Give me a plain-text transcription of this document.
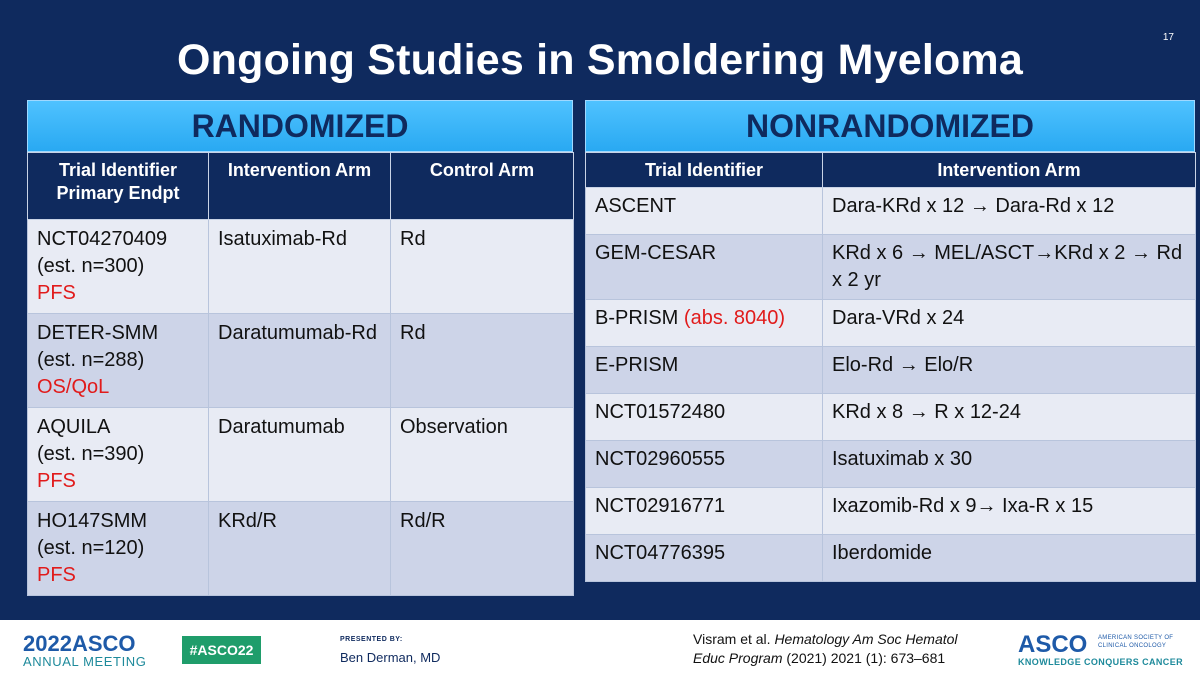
17
Ongoing Studies in Smoldering Myeloma
RANDOMIZED
Trial Identifier Primary Endpt	Intervention Arm	Control Arm

NCT04270409
(est. n=300)
PFS	Isatuximab-Rd	Rd

DETER-SMM
(est. n=288)
OS/QoL	Daratumumab-Rd	Rd

AQUILA
(est. n=390)
PFS	Daratumumab	Observation

HO147SMM
(est. n=120)
PFS	KRd/R	Rd/R
NONRANDOMIZED
Trial Identifier	Intervention Arm
ASCENT	Dara-KRd x 12 → Dara-Rd x 12
GEM-CESAR	KRd x 6 → MEL/ASCT→KRd x 2 → Rd x 2 yr
B-PRISM (abs. 8040)	Dara-VRd x 24
E-PRISM	Elo-Rd → Elo/R
NCT01572480	KRd x 8 → R x 12-24
NCT02960555	Isatuximab x 30
NCT02916771	Ixazomib-Rd x 9→ Ixa-R x 15
NCT04776395	Iberdomide
2022ASCO
ANNUAL MEETING
#ASCO22
PRESENTED BY:
Ben Derman, MD
Visram et al. Hematology Am Soc Hematol
Educ Program (2021) 2021 (1): 673–681	ASCO AMERICAN SOCIETY OF CLINICAL ONCOLOGY
KNOWLEDGE CONQUERS CANCER
